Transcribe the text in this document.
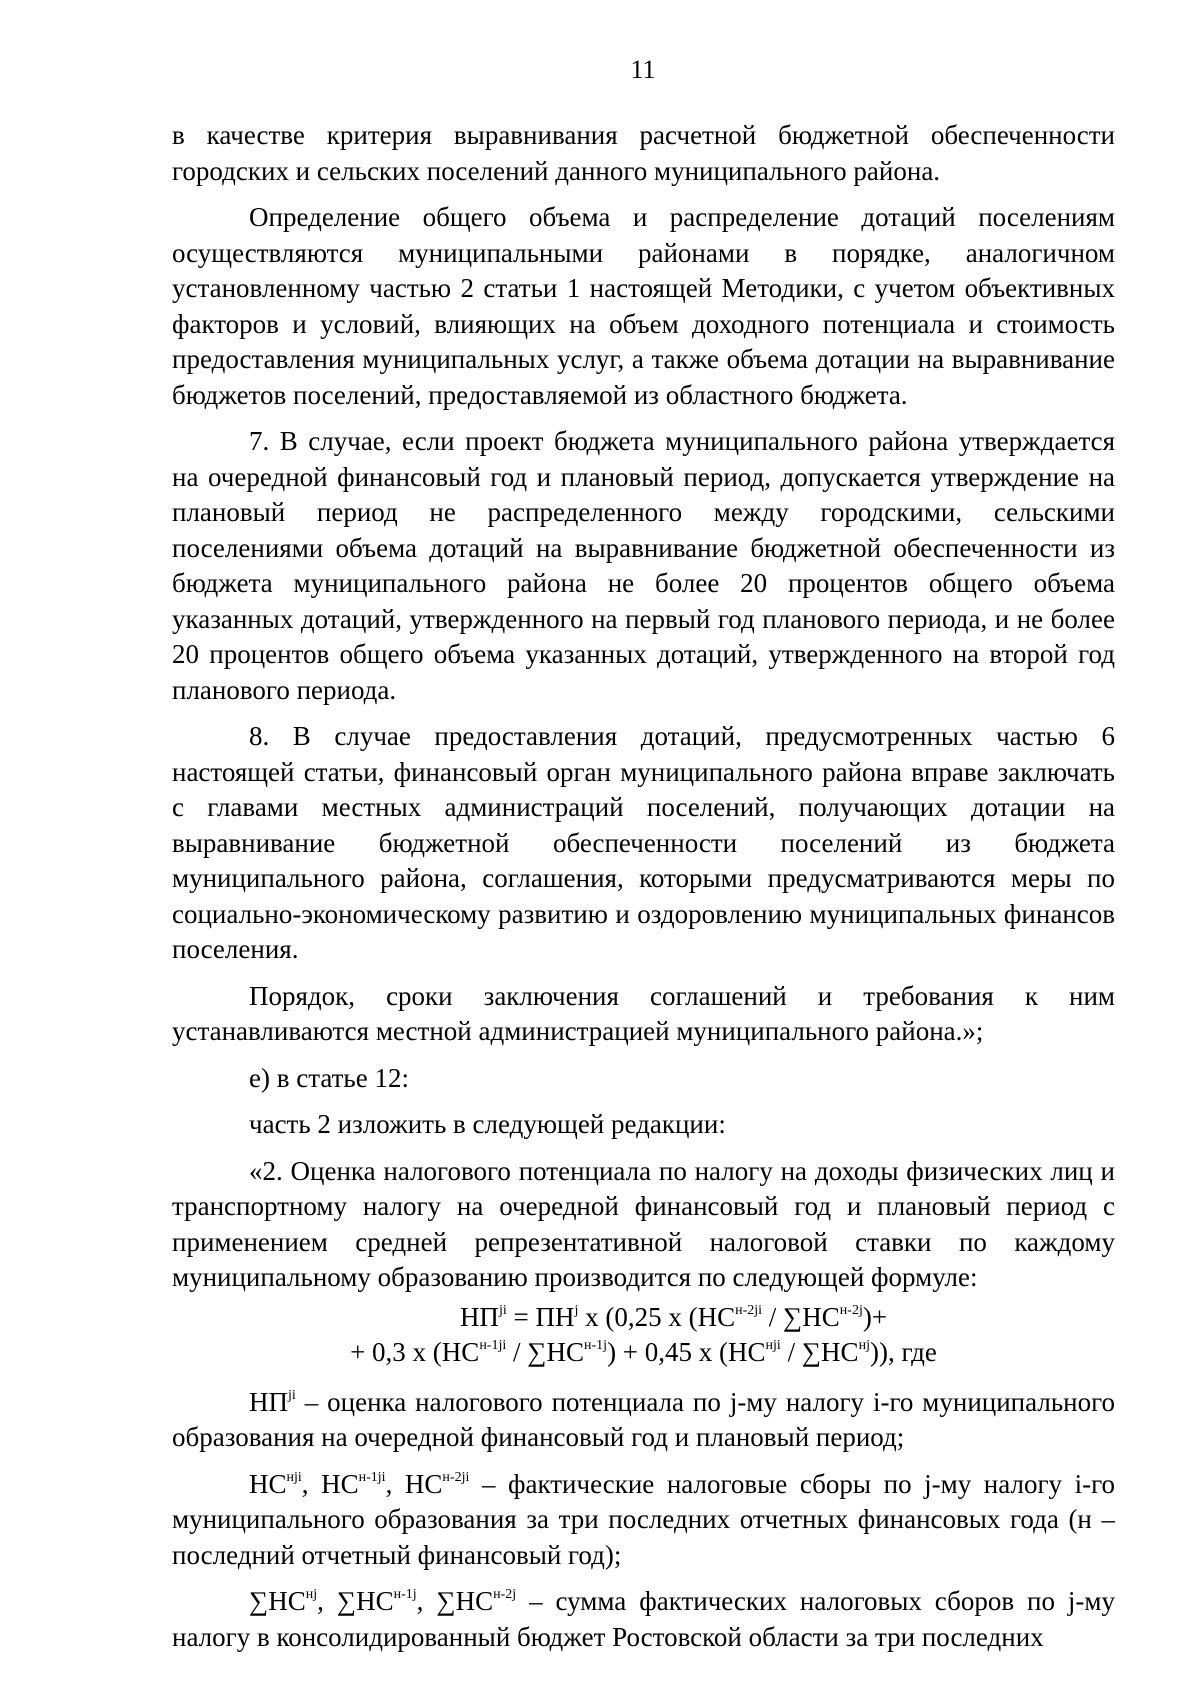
11

в качестве критерия выравнивания расчетной бюджетной обеспеченности городских и сельских поселений данного муниципального района.

Определение общего объема и распределение дотаций поселениям осуществляются муниципальными районами в порядке, аналогичном установленному частью 2 статьи 1 настоящей Методики, с учетом объективных факторов и условий, влияющих на объем доходного потенциала и стоимость предоставления муниципальных услуг, а также объема дотации на выравнивание бюджетов поселений, предоставляемой из областного бюджета.

7. В случае, если проект бюджета муниципального района утверждается на очередной финансовый год и плановый период, допускается утверждение на плановый период не распределенного между городскими, сельскими поселениями объема дотаций на выравнивание бюджетной обеспеченности из бюджета муниципального района не более 20 процентов общего объема указанных дотаций, утвержденного на первый год планового периода, и не более 20 процентов общего объема указанных дотаций, утвержденного на второй год планового периода.

8. В случае предоставления дотаций, предусмотренных частью 6 настоящей статьи, финансовый орган муниципального района вправе заключать с главами местных администраций поселений, получающих дотации на выравнивание бюджетной обеспеченности поселений из бюджета муниципального района, соглашения, которыми предусматриваются меры по социально-экономическому развитию и оздоровлению муниципальных финансов поселения.

Порядок, сроки заключения соглашений и требования к ним устанавливаются местной администрацией муниципального района.»;

е) в статье 12:

часть 2 изложить в следующей редакции:

«2. Оценка налогового потенциала по налогу на доходы физических лиц и транспортному налогу на очередной финансовый год и плановый период с применением средней репрезентативной налоговой ставки по каждому муниципальному образованию производится по следующей формуле:

$НП^{ji} = ПН^j$ x (0,25 x $(НС^{н-2ji} / \sum НС^{н-2j})+$
+ 0,3 x $(НС^{н-1ji} / \sum НС^{н-1j}) + 0,45$ x $(НС^{нji} / \sum НС^{нj})$), где

$НП^{ji}$ – оценка налогового потенциала по j-му налогу i-го муниципального образования на очередной финансовый год и плановый период;

$НС^{нji}$, $НС^{н-1ji}$, $НС^{н-2ji}$ – фактические налоговые сборы по j-му налогу i-го муниципального образования за три последних отчетных финансовых года (н – последний отчетный финансовый год);

$\sum НС^{нj}$, $\sum НС^{н-1j}$, $\sum НС^{н-2j}$ – сумма фактических налоговых сборов по j-му налогу в консолидированный бюджет Ростовской области за три последних
